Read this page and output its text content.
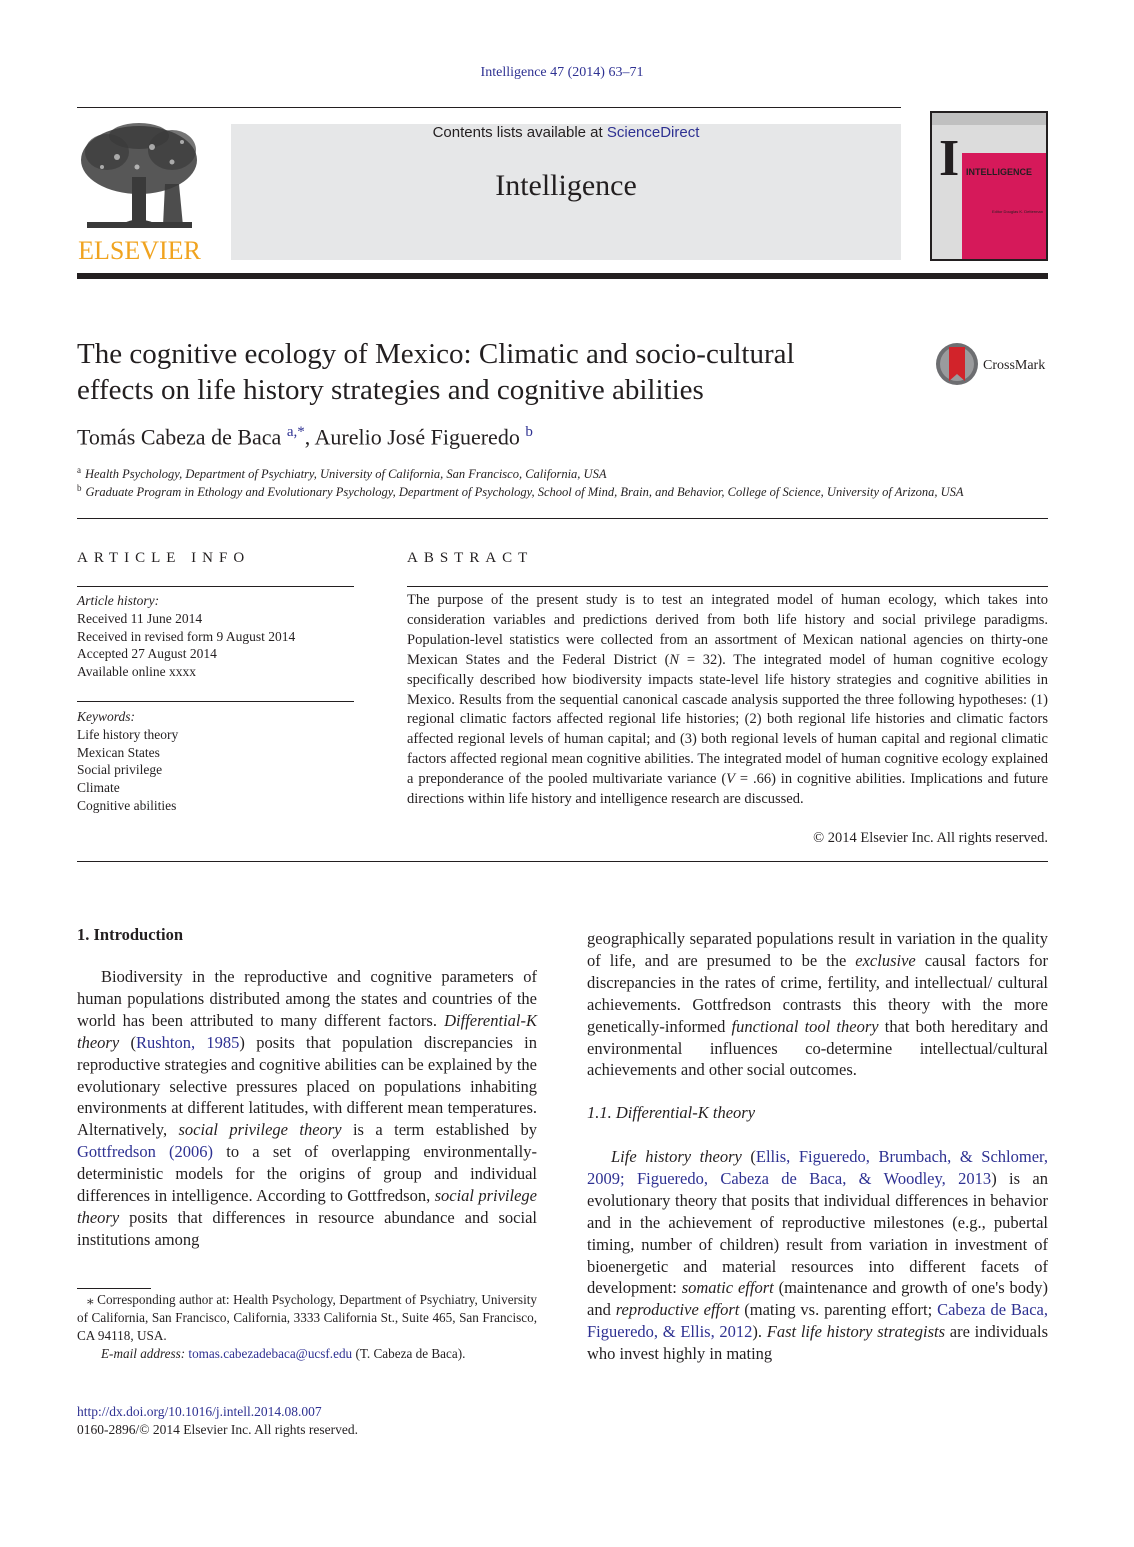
Intelligence 47 (2014) 63–71
ELSEVIER
Contents lists available at ScienceDirect
Intelligence	I INTELLIGENCE
Editor Douglas K. Detterman
The cognitive ecology of Mexico: Climatic and socio-cultural
effects on life history strategies and cognitive abilities
CrossMark
Tomás Cabeza de Baca $^{a,*}$, Aurelio José Figueredo $^b$
$^a$ Health Psychology, Department of Psychiatry, University of California, San Francisco, California, USA
$^b$ Graduate Program in Ethology and Evolutionary Psychology, Department of Psychology, School of Mind, Brain, and Behavior, College of Science, University of Arizona, USA
ARTICLE INFO
Article history:
Received 11 June 2014
Received in revised form 9 August 2014
Accepted 27 August 2014
Available online xxxx
Keywords:
Life history theory
Mexican States
Social privilege
Climate
Cognitive abilities
ABSTRACT
The purpose of the present study is to test an integrated model of human ecology, which takes into consideration variables and predictions derived from both life history and social privilege paradigms. Population-level statistics were collected from an assortment of Mexican national agencies on thirty-one Mexican States and the Federal District (N = 32). The integrated model of human cognitive ecology specifically described how biodiversity impacts state-level life history strategies and cognitive abilities in Mexico. Results from the sequential canonical cascade analysis supported the three following hypotheses: (1) regional climatic factors affected regional life histories; (2) both regional life histories and climatic factors affected regional levels of human capital; and (3) both regional levels of human capital and regional climatic factors affected regional mean cognitive abilities. The integrated model of human cognitive ecology explained a preponderance of the pooled multivariate variance (V = .66) in cognitive abilities. Implications and future directions within life history and intelligence research are discussed.
© 2014 Elsevier Inc. All rights reserved.
1. Introduction

Biodiversity in the reproductive and cognitive parameters of human populations distributed among the states and countries of the world has been attributed to many different factors. Differential-K theory (Rushton, 1985) posits that population discrepancies in reproductive strategies and cognitive abilities can be explained by the evolutionary selective pressures placed on populations inhabiting environments at different latitudes, with different mean temperatures. Alternatively, social privilege theory is a term established by Gottfredson (2006) to a set of overlapping environmentally-deterministic models for the origins of group and individual differences in intelligence. According to Gottfredson, social privilege theory posits that differences in resource abundance and social institutions among

geographically separated populations result in variation in the quality of life, and are presumed to be the exclusive causal factors for discrepancies in the rates of crime, fertility, and intellectual/ cultural achievements. Gottfredson contrasts this theory with the more genetically-informed functional tool theory that both hereditary and environmental influences co-determine intellectual/cultural achievements and other social outcomes.

1.1. Differential-K theory

Life history theory (Ellis, Figueredo, Brumbach, & Schlomer, 2009; Figueredo, Cabeza de Baca, & Woodley, 2013) is an evolutionary theory that posits that individual differences in behavior and in the achievement of reproductive milestones (e.g., pubertal timing, number of children) result from variation in investment of bioenergetic and material resources into different facets of development: somatic effort (maintenance and growth of one's body) and reproductive effort (mating vs. parenting effort; Cabeza de Baca, Figueredo, & Ellis, 2012). Fast life history strategists are individuals who invest highly in mating

⁎ Corresponding author at: Health Psychology, Department of Psychiatry, University of California, San Francisco, California, 3333 California St., Suite 465, San Francisco, CA 94118, USA.
E-mail address: tomas.cabezadebaca@ucsf.edu (T. Cabeza de Baca).
http://dx.doi.org/10.1016/j.intell.2014.08.007
0160-2896/© 2014 Elsevier Inc. All rights reserved.
